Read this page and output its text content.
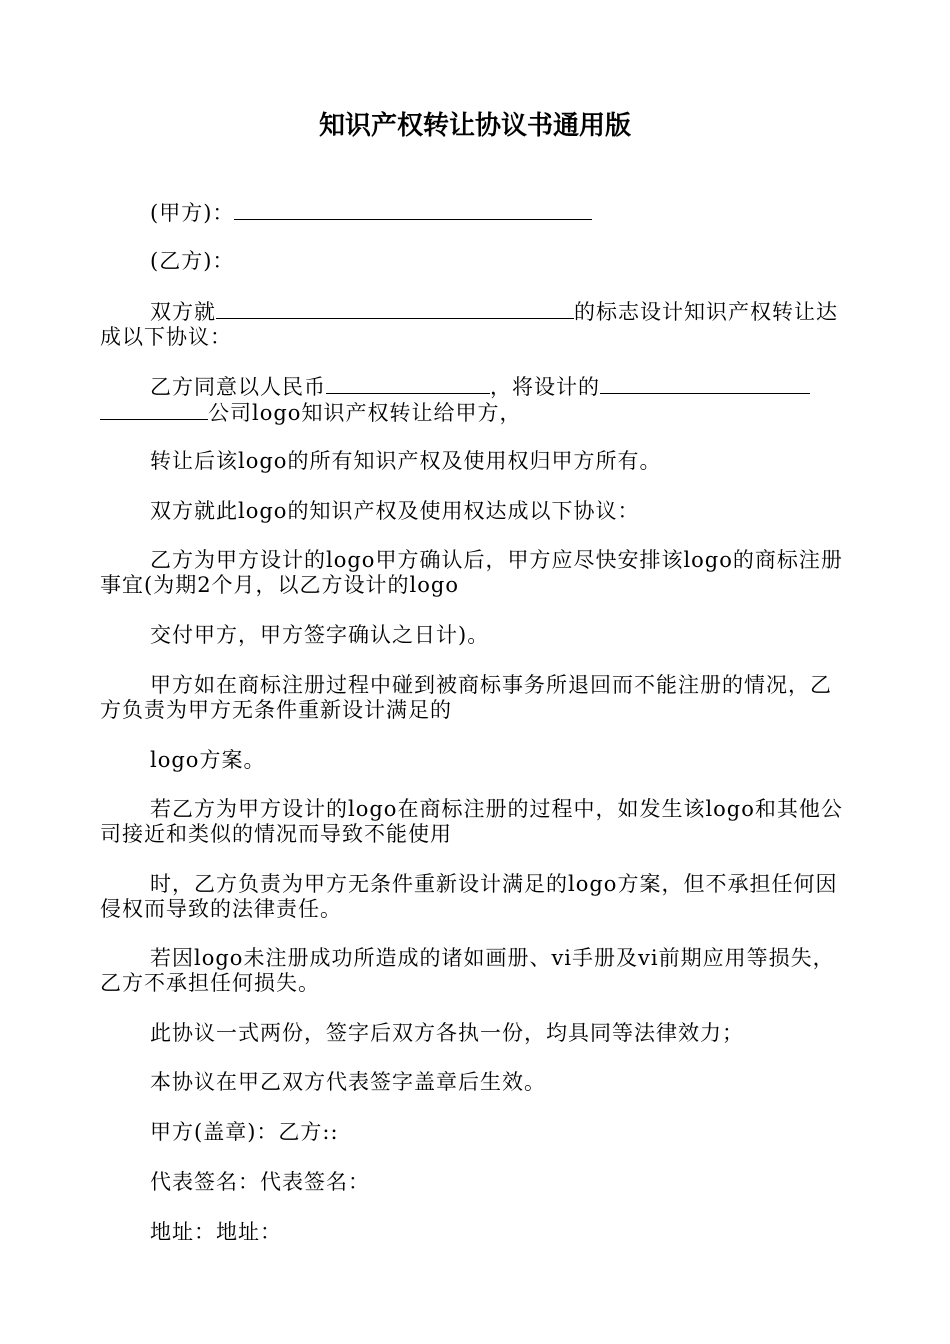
知识产权转让协议书通用版
(甲方)：
(乙方)：
双方就	的标志设计知识产权转让达成以下协议：
乙方同意以人民币	，将设计的公司logo知识产权转让给甲方，
转让后该logo的所有知识产权及使用权归甲方所有。
双方就此logo的知识产权及使用权达成以下协议：
乙方为甲方设计的logo甲方确认后，甲方应尽快安排该logo的商标注册事宜(为期2个月，以乙方设计的logo
交付甲方，甲方签字确认之日计)。
甲方如在商标注册过程中碰到被商标事务所退回而不能注册的情况，乙方负责为甲方无条件重新设计满足的
logo方案。
若乙方为甲方设计的logo在商标注册的过程中，如发生该logo和其他公司接近和类似的情况而导致不能使用
时，乙方负责为甲方无条件重新设计满足的logo方案，但不承担任何因侵权而导致的法律责任。
若因logo未注册成功所造成的诸如画册、vi手册及vi前期应用等损失，乙方不承担任何损失。
此协议一式两份，签字后双方各执一份，均具同等法律效力；
本协议在甲乙双方代表签字盖章后生效。
甲方(盖章)：乙方::
代表签名：代表签名：
地址：地址：
